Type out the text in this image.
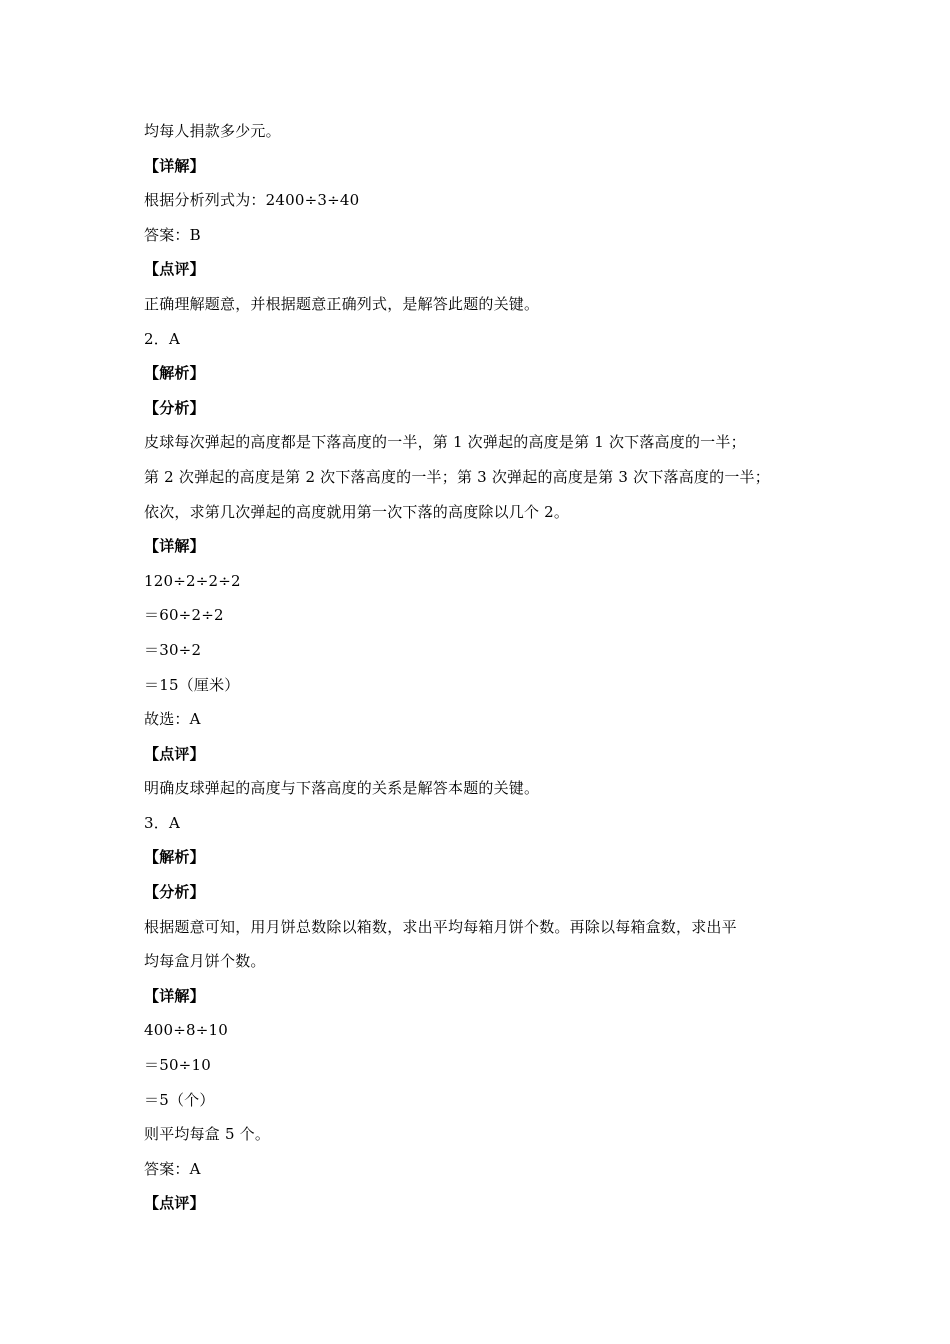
均每人捐款多少元。
【详解】
根据分析列式为：2400÷3÷40
答案：B
【点评】
正确理解题意，并根据题意正确列式，是解答此题的关键。
2．A
【解析】
【分析】
皮球每次弹起的高度都是下落高度的一半，第 1 次弹起的高度是第 1 次下落高度的一半；
第 2 次弹起的高度是第 2 次下落高度的一半；第 3 次弹起的高度是第 3 次下落高度的一半；
依次，求第几次弹起的高度就用第一次下落的高度除以几个 2。
【详解】
120÷2÷2÷2
＝60÷2÷2
＝30÷2
＝15（厘米）
故选：A
【点评】
明确皮球弹起的高度与下落高度的关系是解答本题的关键。
3．A
【解析】
【分析】
根据题意可知，用月饼总数除以箱数，求出平均每箱月饼个数。再除以每箱盒数，求出平
均每盒月饼个数。
【详解】
400÷8÷10
＝50÷10
＝5（个）
则平均每盒 5 个。
答案：A
【点评】
